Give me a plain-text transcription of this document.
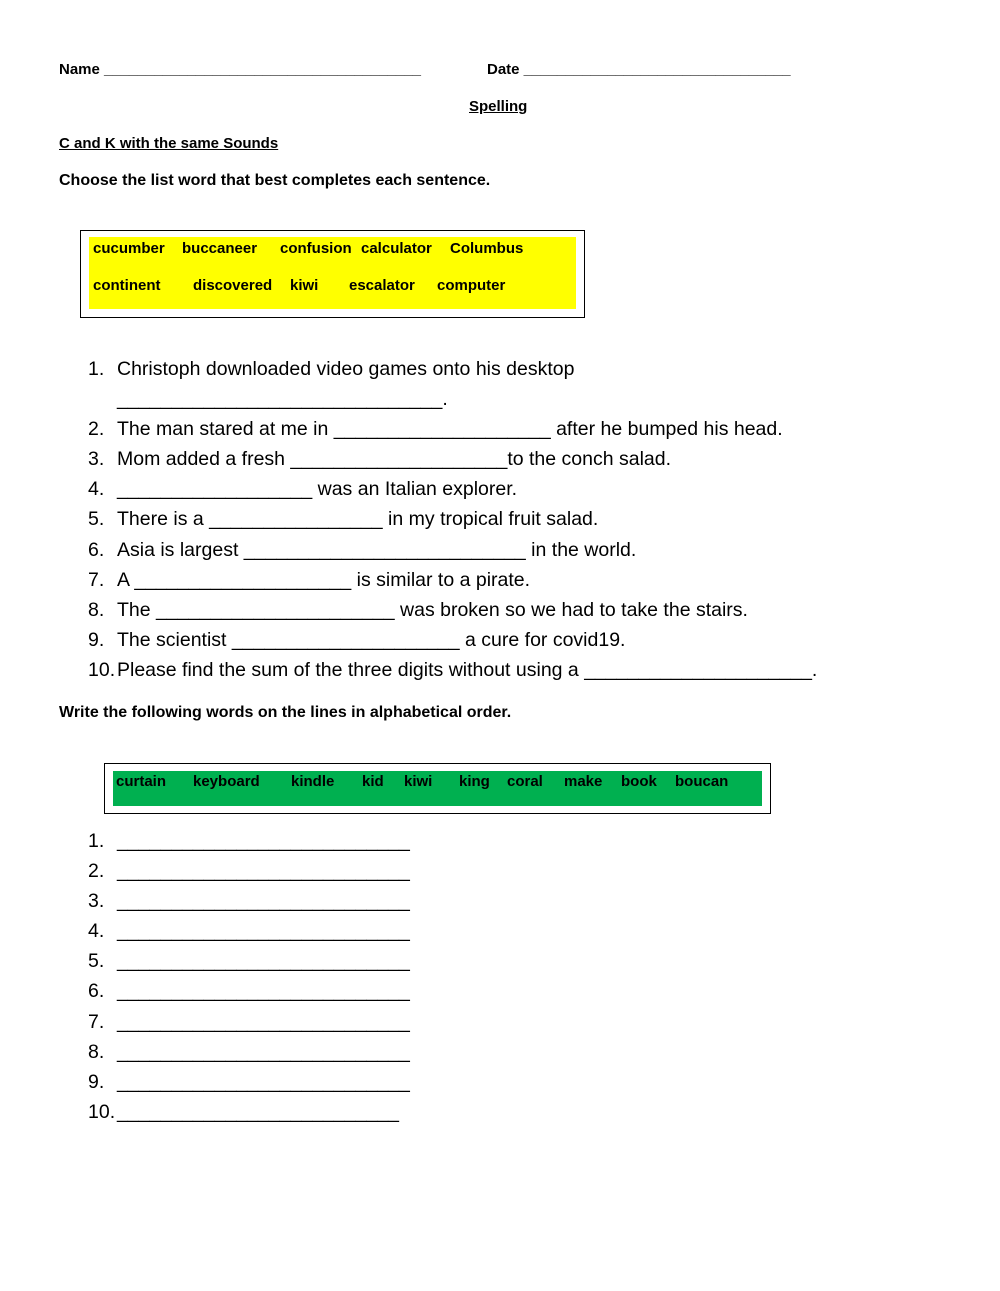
Name ______________________________________	Date ________________________________
Spelling
C and K with the same Sounds
Choose the list word that best completes each sentence.
cucumber buccaneer confusion calculator Columbus
continent discovered kiwi escalator computer
1. Christoph downloaded video games onto his desktop
______________________________.
2. The man stared at me in ____________________ after he bumped his head.
3. Mom added a fresh ____________________to the conch salad.
4. __________________ was an Italian explorer.
5. There is a ________________ in my tropical fruit salad.
6. Asia is largest __________________________ in the world.
7. A ____________________ is similar to a pirate.
8. The ______________________ was broken so we had to take the stairs.
9. The scientist _____________________ a cure for covid19.
10. Please find the sum of the three digits without using a _____________________.
Write the following words on the lines in alphabetical order.
curtain keyboard kindle kid kiwi king coral make book boucan
1. ___________________________
2. ___________________________
3. ___________________________
4. ___________________________
5. ___________________________
6. ___________________________
7. ___________________________
8. ___________________________
9. ___________________________
10. __________________________
